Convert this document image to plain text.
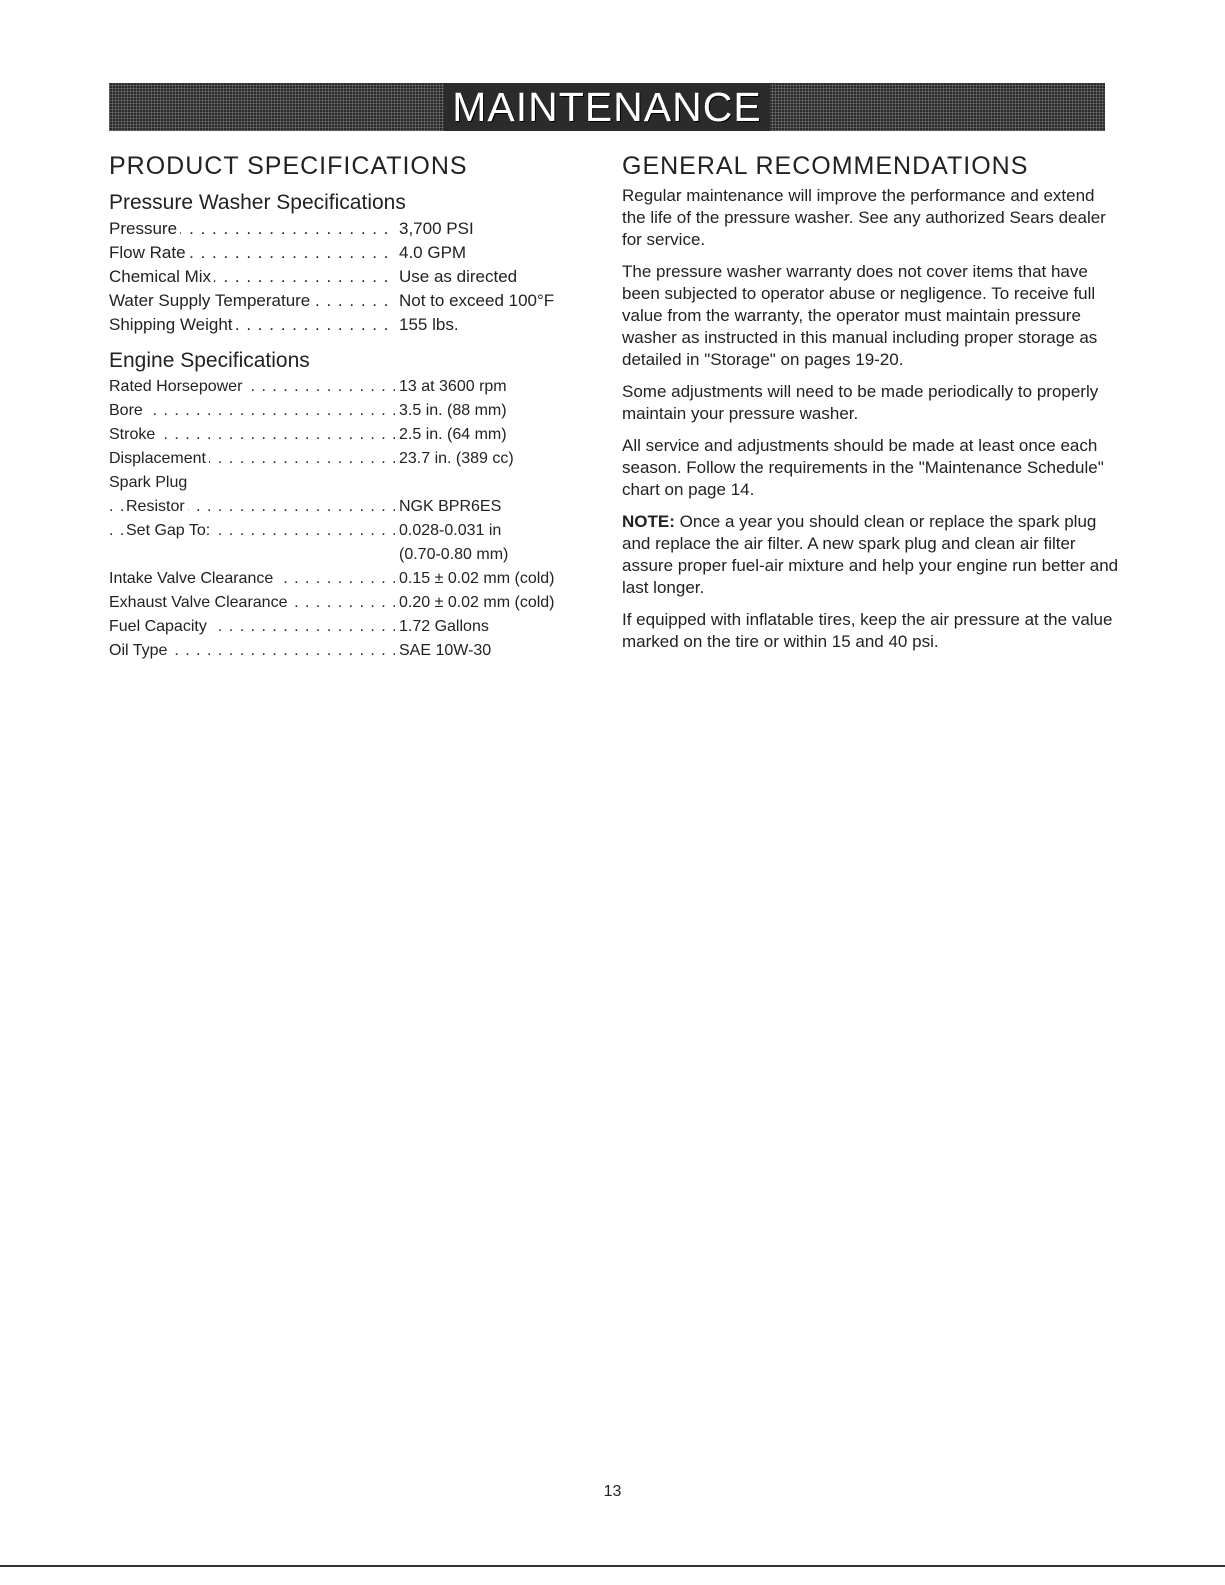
MAINTENANCE
PRODUCT SPECIFICATIONS
Pressure Washer Specifications
Pressure . . .	3,700 PSI
Flow Rate . . .	4.0 GPM
Chemical Mix . . .	Use as directed
Water Supply Temperature . . .	Not to exceed 100°F
Shipping Weight . . .	155 lbs.
Engine Specifications
Rated Horsepower . . .	13 at 3600 rpm
Bore . . .	3.5 in. (88 mm)
Stroke . . .	2.5 in. (64 mm)
Displacement . . .	23.7 in. (389 cc)
Spark Plug
Resistor . . .	NGK BPR6ES
Set Gap To: . . .	0.028-0.031 in
(0.70-0.80 mm)
Intake Valve Clearance . . .	0.15 ± 0.02 mm (cold)
Exhaust Valve Clearance . . .	0.20 ± 0.02 mm (cold)
Fuel Capacity . . .	1.72 Gallons
Oil Type . . .	SAE 10W-30
GENERAL RECOMMENDATIONS

Regular maintenance will improve the performance and extend the life of the pressure washer. See any authorized Sears dealer for service.

The pressure washer warranty does not cover items that have been subjected to operator abuse or negligence. To receive full value from the warranty, the operator must maintain pressure washer as instructed in this manual including proper storage as detailed in "Storage" on pages 19-20.

Some adjustments will need to be made periodically to properly maintain your pressure washer.

All service and adjustments should be made at least once each season. Follow the requirements in the "Maintenance Schedule" chart on page 14.

NOTE: Once a year you should clean or replace the spark plug and replace the air filter. A new spark plug and clean air filter assure proper fuel-air mixture and help your engine run better and last longer.

If equipped with inflatable tires, keep the air pressure at the value marked on the tire or within 15 and 40 psi.

13
